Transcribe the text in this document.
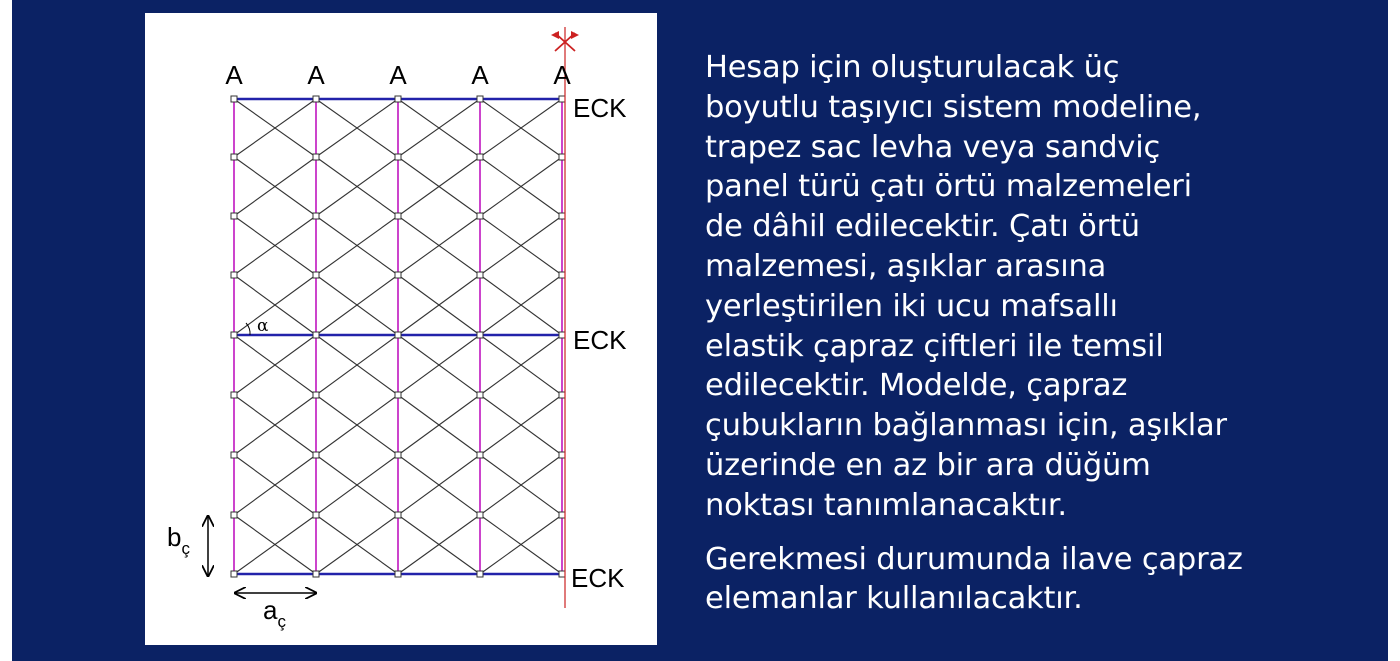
A A A A A
ECK
ECK
ECK
α
$b_ç$
$a_ç$
Hesap için oluşturulacak üç
boyutlu taşıyıcı sistem modeline,
trapez sac levha veya sandviç
panel türü çatı örtü malzemeleri
de dâhil edilecektir. Çatı örtü
malzemesi, aşıklar arasına
yerleştirilen iki ucu mafsallı
elastik çapraz çiftleri ile temsil
edilecektir. Modelde, çapraz
çubukların bağlanması için, aşıklar
üzerinde en az bir ara düğüm
noktası tanımlanacaktır.
Gerekmesi durumunda ilave çapraz
elemanlar kullanılacaktır.
